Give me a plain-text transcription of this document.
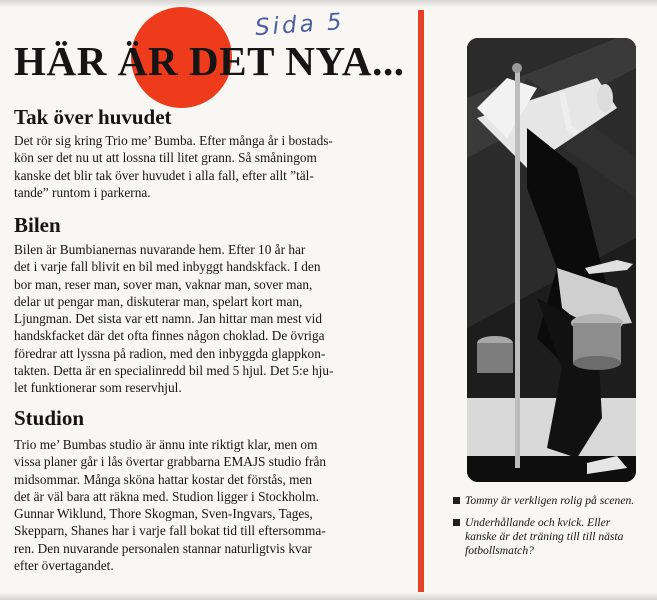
Sida 5
HÄR ÄR DET NYA...
Tak över huvudet

Det rör sig kring Trio me’ Bumba. Efter många år i bostads-
kön ser det nu ut att lossna till litet grann. Så småningom
kanske det blir tak över huvudet i alla fall, efter allt ”täl-
tande” runtom i parkerna.

Bilen

Bilen är Bumbianernas nuvarande hem. Efter 10 år har
det i varje fall blivit en bil med inbyggt handskfack. I den
bor man, reser man, sover man, vaknar man, sover man,
delar ut pengar man, diskuterar man, spelart kort man,
Ljungman. Det sista var ett namn. Jan hittar man mest vid
handskfacket där det ofta finnes någon choklad. De övriga
föredrar att lyssna på radion, med den inbyggda glappkon-
takten. Detta är en specialinredd bil med 5 hjul. Det 5:e hju-
let funktionerar som reservhjul.

Studion

Trio me’ Bumbas studio är ännu inte riktigt klar, men om
vissa planer går i lås övertar grabbarna EMAJS studio från
midsommar. Många sköna hattar kostar det förstås, men
det är väl bara att räkna med. Studion ligger i Stockholm.
Gunnar Wiklund, Thore Skogman, Sven-Ingvars, Tages,
Skepparn, Shanes har i varje fall bokat tid till eftersomma-
ren. Den nuvarande personalen stannar naturligtvis kvar
efter övertagandet.

Tommy är verkligen rolig på scenen.

Underhållande och kvick. Eller kanske är det träning till till nästa fotbollsmatch?
